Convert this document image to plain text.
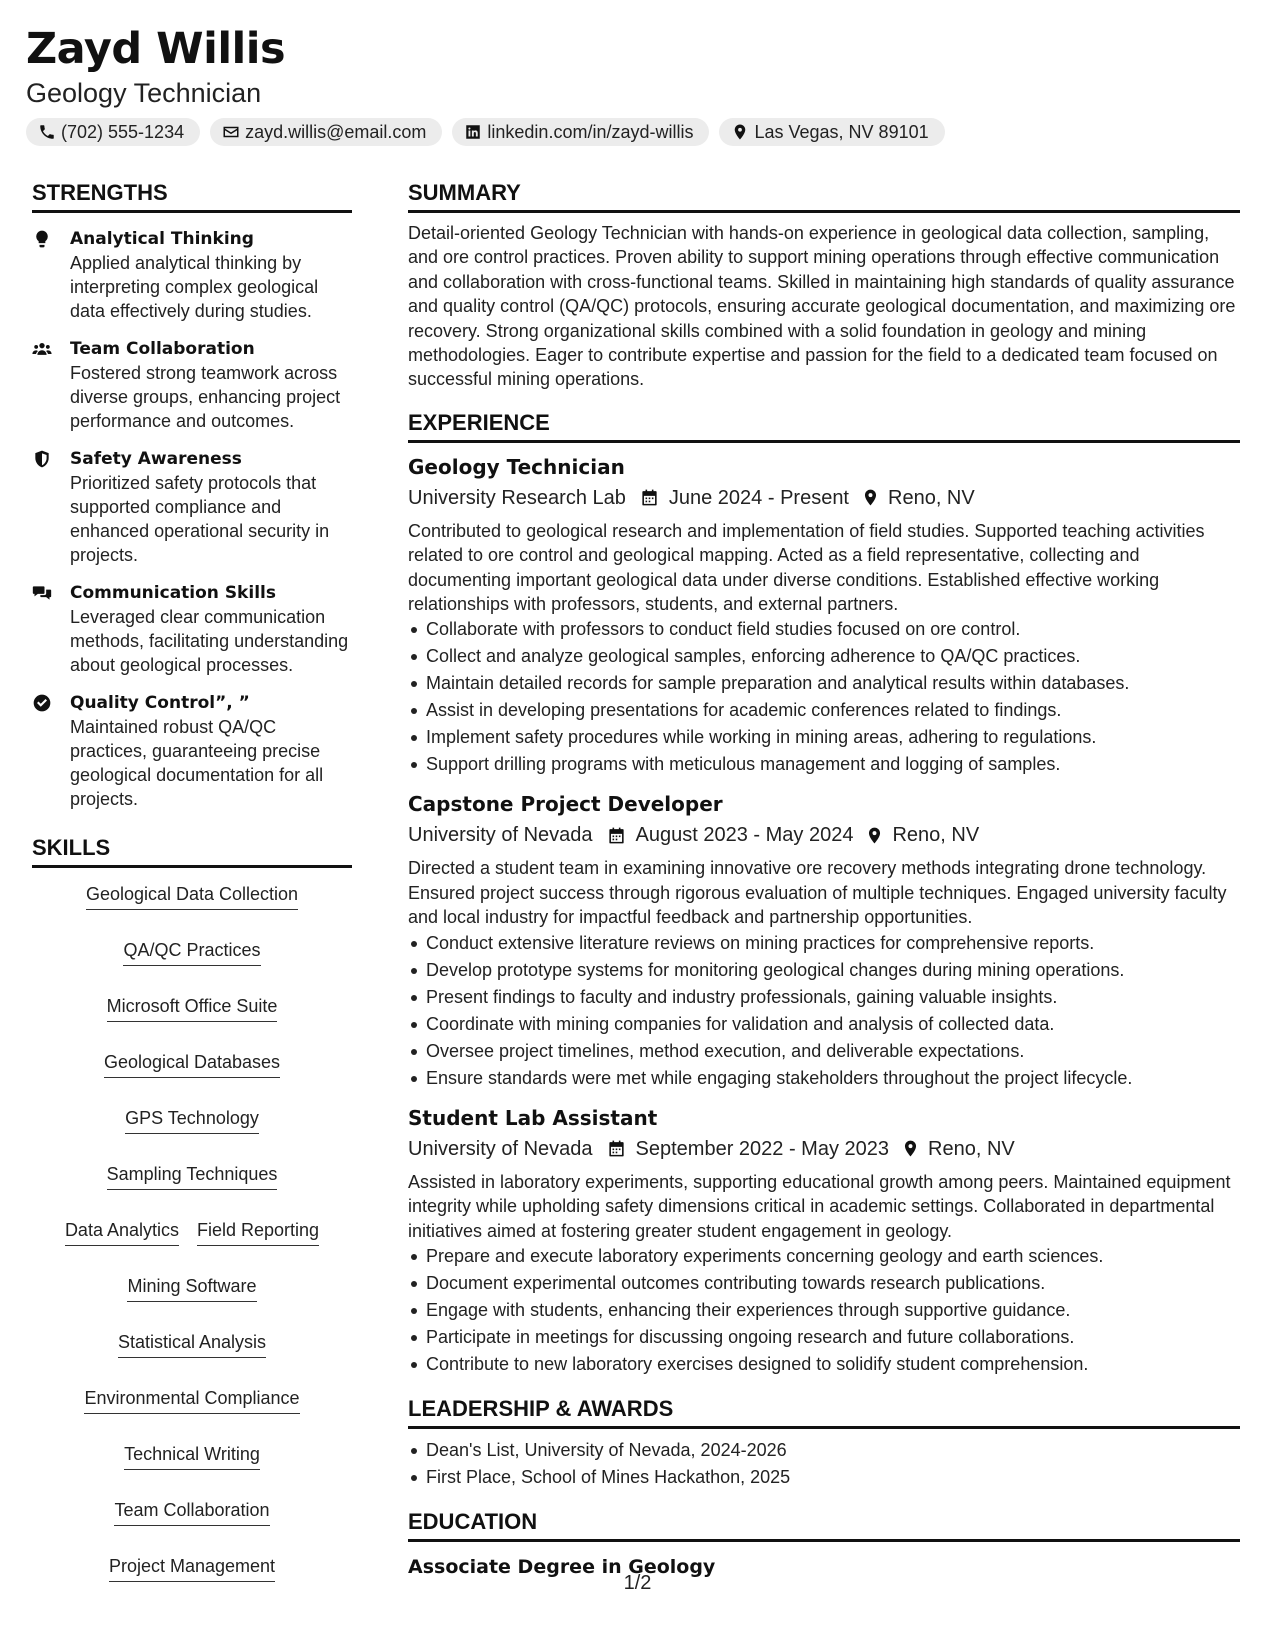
Zayd Willis
Geology Technician
(702) 555-1234	zayd.willis@email.com	linkedin.com/in/zayd-willis	Las Vegas, NV 89101
STRENGTHS
Analytical Thinking
Applied analytical thinking by interpreting complex geological data effectively during studies.
Team Collaboration
Fostered strong teamwork across diverse groups, enhancing project performance and outcomes.
Safety Awareness
Prioritized safety protocols that supported compliance and enhanced operational security in projects.
Communication Skills
Leveraged clear communication methods, facilitating understanding about geological processes.
Quality Control”, ”
Maintained robust QA/QC practices, guaranteeing precise geological documentation for all projects.
SKILLS
Geological Data Collection
QA/QC Practices
Microsoft Office Suite
Geological Databases
GPS Technology
Sampling Techniques
Data Analytics Field Reporting
Mining Software
Statistical Analysis
Environmental Compliance
Technical Writing
Team Collaboration
Project Management
SUMMARY
Detail-oriented Geology Technician with hands-on experience in geological data collection, sampling, and ore control practices. Proven ability to support mining operations through effective communication and collaboration with cross-functional teams. Skilled in maintaining high standards of quality assurance and quality control (QA/QC) protocols, ensuring accurate geological documentation, and maximizing ore recovery. Strong organizational skills combined with a solid foundation in geology and mining methodologies. Eager to contribute expertise and passion for the field to a dedicated team focused on successful mining operations.
EXPERIENCE
Geology Technician
University Research Lab June 2024 - Present Reno, NV
Contributed to geological research and implementation of field studies. Supported teaching activities related to ore control and geological mapping. Acted as a field representative, collecting and documenting important geological data under diverse conditions. Established effective working relationships with professors, students, and external partners.
Collaborate with professors to conduct field studies focused on ore control.
Collect and analyze geological samples, enforcing adherence to QA/QC practices.
Maintain detailed records for sample preparation and analytical results within databases.
Assist in developing presentations for academic conferences related to findings.
Implement safety procedures while working in mining areas, adhering to regulations.
Support drilling programs with meticulous management and logging of samples.
Capstone Project Developer
University of Nevada August 2023 - May 2024 Reno, NV
Directed a student team in examining innovative ore recovery methods integrating drone technology. Ensured project success through rigorous evaluation of multiple techniques. Engaged university faculty and local industry for impactful feedback and partnership opportunities.
Conduct extensive literature reviews on mining practices for comprehensive reports.
Develop prototype systems for monitoring geological changes during mining operations.
Present findings to faculty and industry professionals, gaining valuable insights.
Coordinate with mining companies for validation and analysis of collected data.
Oversee project timelines, method execution, and deliverable expectations.
Ensure standards were met while engaging stakeholders throughout the project lifecycle.
Student Lab Assistant
University of Nevada September 2022 - May 2023 Reno, NV
Assisted in laboratory experiments, supporting educational growth among peers. Maintained equipment integrity while upholding safety dimensions critical in academic settings. Collaborated in departmental initiatives aimed at fostering greater student engagement in geology.
Prepare and execute laboratory experiments concerning geology and earth sciences.
Document experimental outcomes contributing towards research publications.
Engage with students, enhancing their experiences through supportive guidance.
Participate in meetings for discussing ongoing research and future collaborations.
Contribute to new laboratory exercises designed to solidify student comprehension.
LEADERSHIP & AWARDS
Dean's List, University of Nevada, 2024-2026
First Place, School of Mines Hackathon, 2025
EDUCATION
Associate Degree in Geology
1/2
